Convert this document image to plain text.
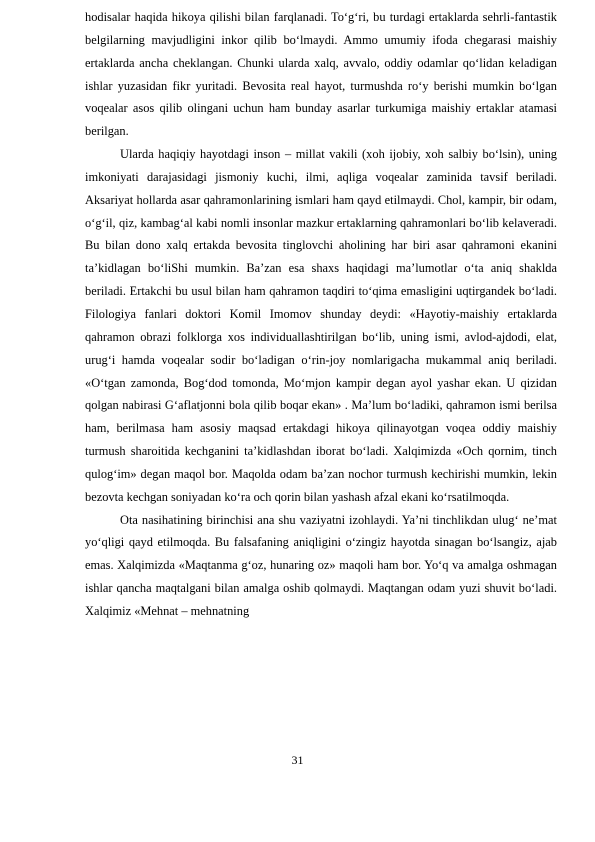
hodisalar haqida hikoya qilishi bilan farqlanadi. To‘g‘ri, bu turdagi ertaklarda sehrli-fantastik belgilarning mavjudligini inkor qilib bo‘lmaydi. Ammo umumiy ifoda chegarasi maishiy ertaklarda ancha cheklangan. Chunki ularda xalq, avvalo, oddiy odamlar qo‘lidan keladigan ishlar yuzasidan fikr yuritadi. Bevosita real hayot, turmushda ro‘y berishi mumkin bo‘lgan voqealar asos qilib olingani uchun ham bunday asarlar turkumiga maishiy ertaklar atamasi berilgan.

Ularda haqiqiy hayotdagi inson – millat vakili (xoh ijobiy, xoh salbiy bo‘lsin), uning imkoniyati darajasidagi jismoniy kuchi, ilmi, aqliga voqealar zaminida tavsif beriladi. Aksariyat hollarda asar qahramonlarining ismlari ham qayd etilmaydi. Chol, kampir, bir odam, o‘g‘il, qiz, kambag‘al kabi nomli insonlar mazkur ertaklarning qahramonlari bo‘lib kelaveradi. Bu bilan dono xalq ertakda bevosita tinglovchi aholining har biri asar qahramoni ekanini ta’kidlagan bo‘liShi mumkin. Ba’zan esa shaxs haqidagi ma’lumotlar o‘ta aniq shaklda beriladi. Ertakchi bu usul bilan ham qahramon taqdiri to‘qima emasligini uqtirgandek bo‘ladi. Filologiya fanlari doktori Komil Imomov shunday deydi: «Hayotiy-maishiy ertaklarda qahramon obrazi folklorga xos individuallashtirilgan bo‘lib, uning ismi, avlod-ajdodi, elat, urug‘i hamda voqealar sodir bo‘ladigan o‘rin-joy nomlarigacha mukammal aniq beriladi. «O‘tgan zamonda, Bog‘dod tomonda, Mo‘mjon kampir degan ayol yashar ekan. U qizidan qolgan nabirasi G‘aflatjonni bola qilib boqar ekan» . Ma’lum bo‘ladiki, qahramon ismi berilsa ham, berilmasa ham asosiy maqsad ertakdagi hikoya qilinayotgan voqea oddiy maishiy turmush sharoitida kechganini ta’kidlashdan iborat bo‘ladi. Xalqimizda «Och qornim, tinch qulog‘im» degan maqol bor. Maqolda odam ba’zan nochor turmush kechirishi mumkin, lekin bezovta kechgan soniyadan ko‘ra och qorin bilan yashash afzal ekani ko‘rsatilmoqda.

Ota nasihatining birinchisi ana shu vaziyatni izohlaydi. Ya’ni tinchlikdan ulug‘ ne’mat yo‘qligi qayd etilmoqda. Bu falsafaning aniqligini o‘zingiz hayotda sinagan bo‘lsangiz, ajab emas. Xalqimizda «Maqtanma g‘oz, hunaring oz» maqoli ham bor. Yo‘q va amalga oshmagan ishlar qancha maqtalgani bilan amalga oshib qolmaydi. Maqtangan odam yuzi shuvit bo‘ladi. Xalqimiz «Mehnat – mehnatning

31
